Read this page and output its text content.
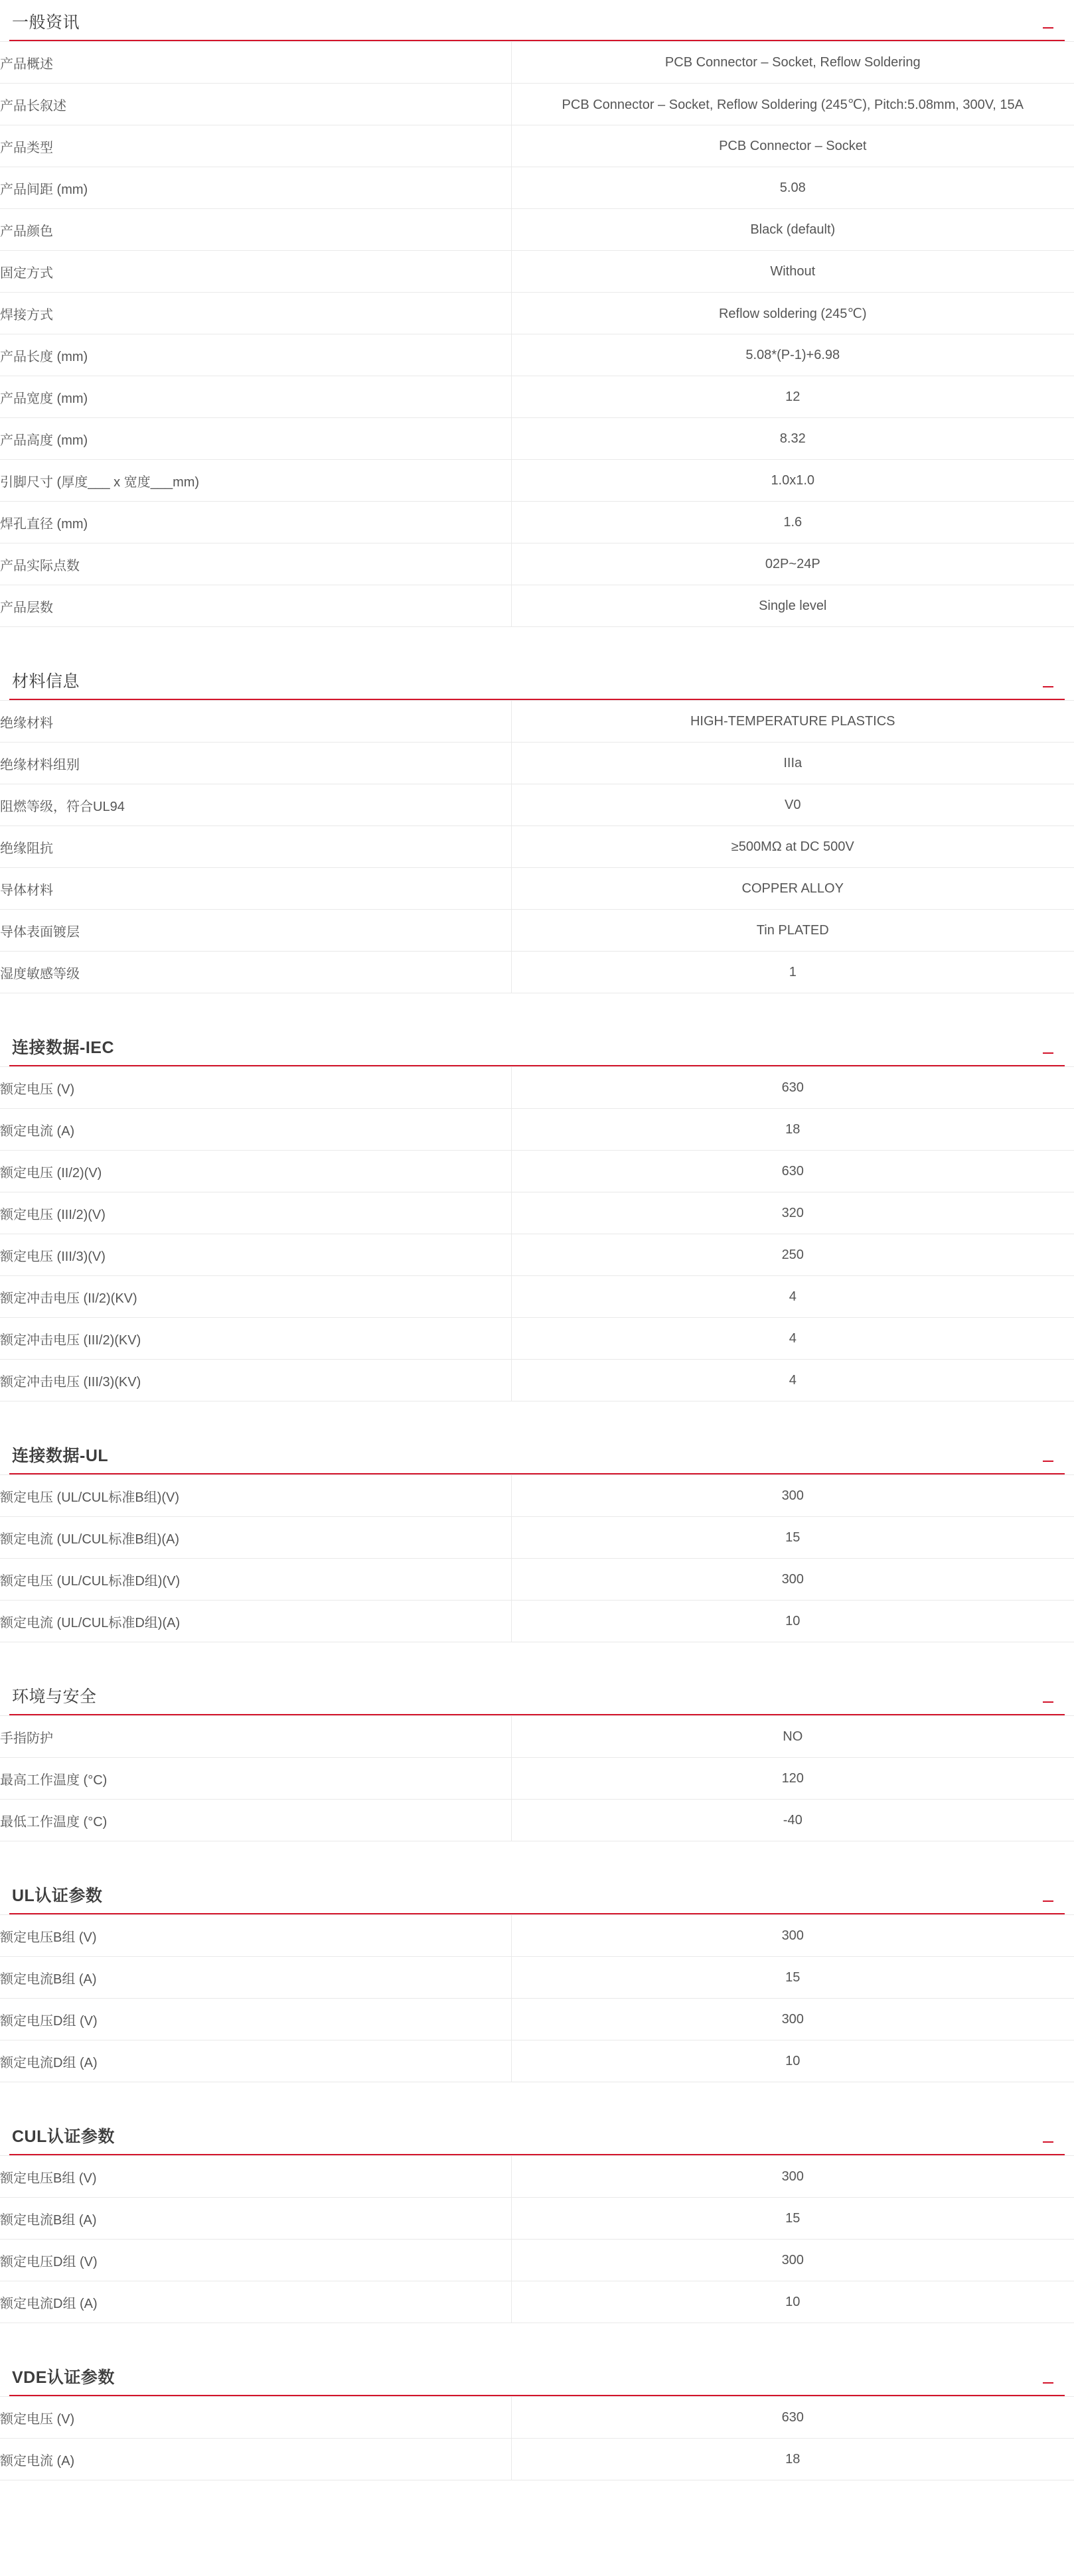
一般资讯
产品概述	PCB Connector – Socket, Reflow Soldering
产品长叙述	PCB Connector – Socket, Reflow Soldering (245℃), Pitch:5.08mm, 300V, 15A
产品类型	PCB Connector – Socket
产品间距 (mm)	5.08
产品颜色	Black (default)
固定方式	Without
焊接方式	Reflow soldering (245℃)
产品长度 (mm)	5.08*(P-1)+6.98
产品宽度 (mm)	12
产品高度 (mm)	8.32
引脚尺寸 (厚度___ x 宽度___mm)	1.0x1.0
焊孔直径 (mm)	1.6
产品实际点数	02P~24P
产品层数	Single level
材料信息
绝缘材料	HIGH-TEMPERATURE PLASTICS
绝缘材料组别	IIIa
阻燃等级，符合UL94	V0
绝缘阻抗	≥500MΩ at DC 500V
导体材料	COPPER ALLOY
导体表面镀层	Tin PLATED
湿度敏感等级	1
连接数据-IEC
额定电压 (V)	630
额定电流 (A)	18
额定电压 (II/2)(V)	630
额定电压 (III/2)(V)	320
额定电压 (III/3)(V)	250
额定冲击电压 (II/2)(KV)	4
额定冲击电压 (III/2)(KV)	4
额定冲击电压 (III/3)(KV)	4
连接数据-UL
额定电压 (UL/CUL标准B组)(V)	300
额定电流 (UL/CUL标准B组)(A)	15
额定电压 (UL/CUL标准D组)(V)	300
额定电流 (UL/CUL标准D组)(A)	10
环境与安全
手指防护	NO
最高工作温度 (°C)	120
最低工作温度 (°C)	-40
UL认证参数
额定电压B组 (V)	300
额定电流B组 (A)	15
额定电压D组 (V)	300
额定电流D组 (A)	10
CUL认证参数
额定电压B组 (V)	300
额定电流B组 (A)	15
额定电压D组 (V)	300
额定电流D组 (A)	10
VDE认证参数
额定电压 (V)	630
额定电流 (A)	18
